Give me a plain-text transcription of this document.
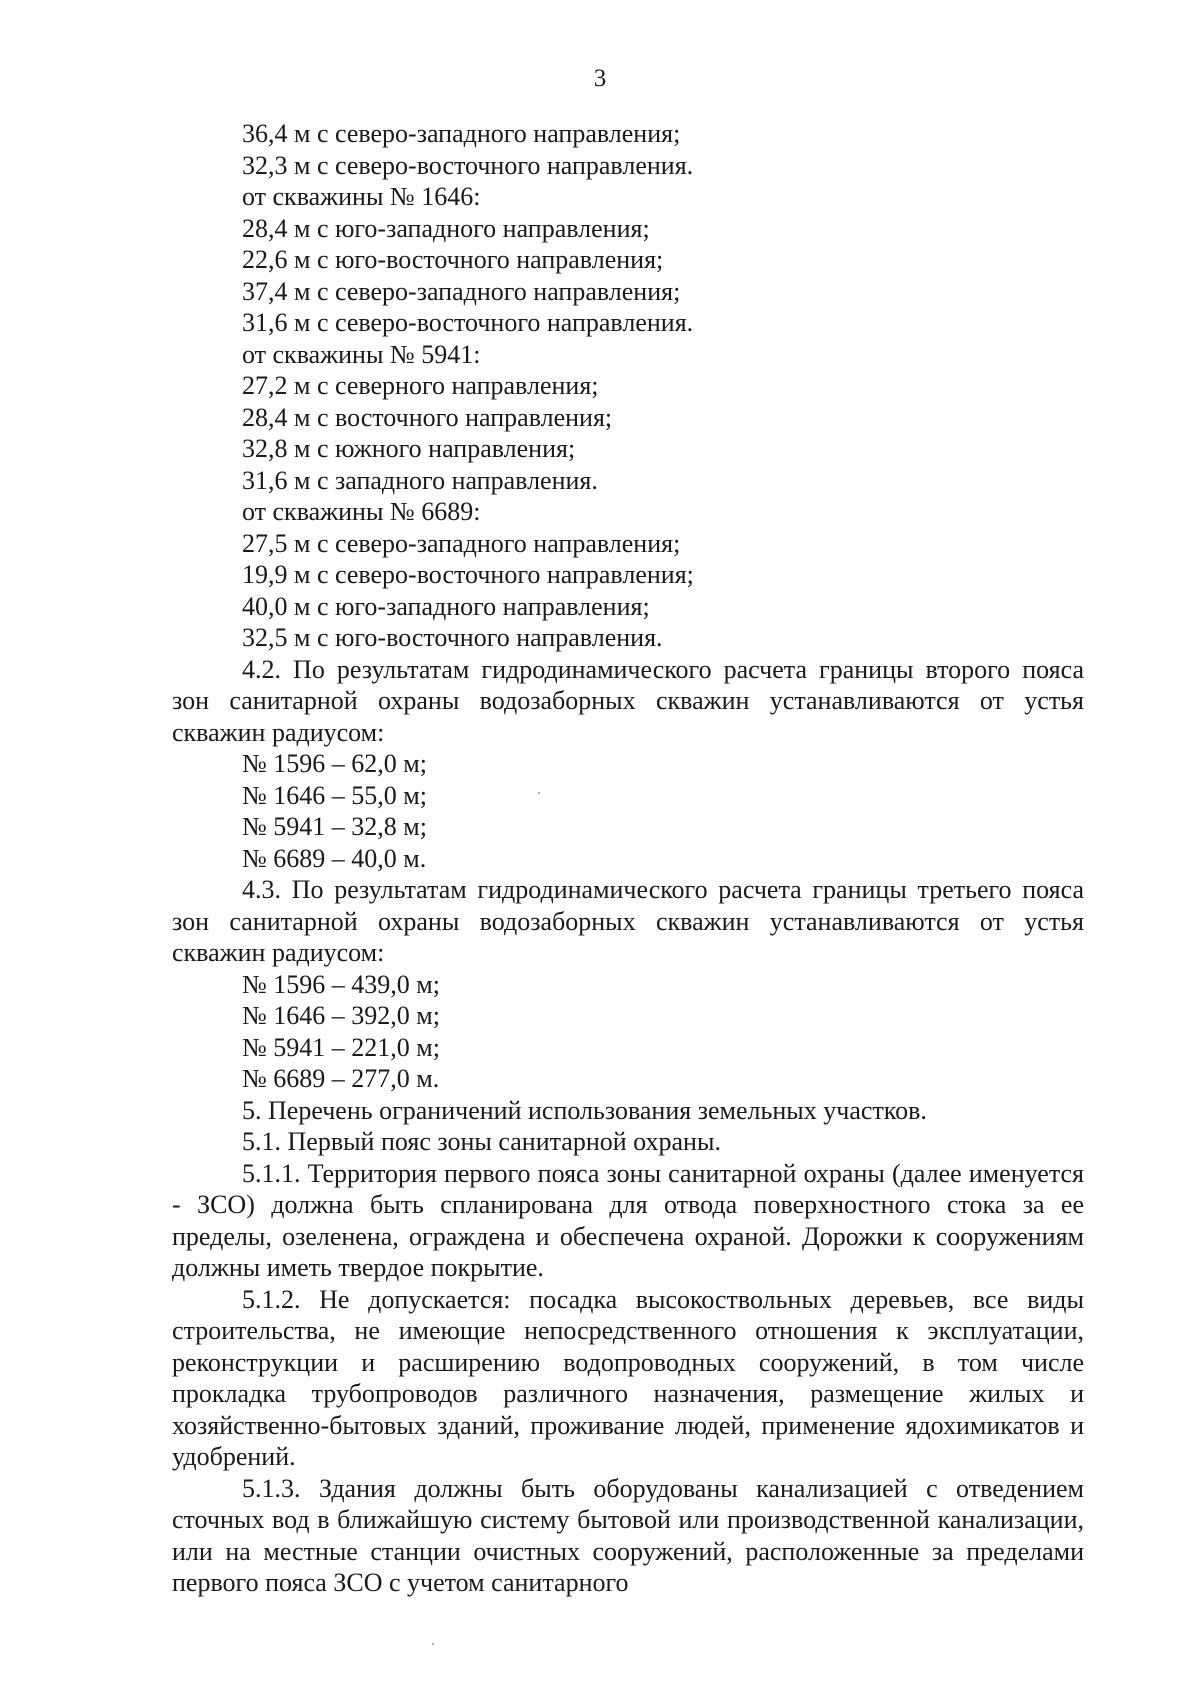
3

36,4 м с северо-западного направления;

32,3 м с северо-восточного направления.

от скважины № 1646:

28,4 м с юго-западного направления;

22,6 м с юго-восточного направления;

37,4 м с северо-западного направления;

31,6 м с северо-восточного направления.

от скважины № 5941:

27,2 м с северного направления;

28,4 м с восточного направления;

32,8 м с южного направления;

31,6 м с западного направления.

от скважины № 6689:

27,5 м с северо-западного направления;

19,9 м с северо-восточного направления;

40,0 м с юго-западного направления;

32,5 м с юго-восточного направления.

4.2. По результатам гидродинамического расчета границы второго пояса зон санитарной охраны водозаборных скважин устанавливаются от устья скважин радиусом:

№ 1596 – 62,0 м;

№ 1646 – 55,0 м;

№ 5941 – 32,8 м;

№ 6689 – 40,0 м.

4.3. По результатам гидродинамического расчета границы третьего пояса зон санитарной охраны водозаборных скважин устанавливаются от устья скважин радиусом:

№ 1596 – 439,0 м;

№ 1646 – 392,0 м;

№ 5941 – 221,0 м;

№ 6689 – 277,0 м.

5. Перечень ограничений использования земельных участков.

5.1. Первый пояс зоны санитарной охраны.

5.1.1. Территория первого пояса зоны санитарной охраны (далее именуется - ЗСО) должна быть спланирована для отвода поверхностного стока за ее пределы, озеленена, ограждена и обеспечена охраной. Дорожки к сооружениям должны иметь твердое покрытие.

5.1.2. Не допускается: посадка высокоствольных деревьев, все виды строительства, не имеющие непосредственного отношения к эксплуатации, реконструкции и расширению водопроводных сооружений, в том числе прокладка трубопроводов различного назначения, размещение жилых и хозяйственно-бытовых зданий, проживание людей, применение ядохимикатов и удобрений.

5.1.3. Здания должны быть оборудованы канализацией с отведением сточных вод в ближайшую систему бытовой или производственной канализации, или на местные станции очистных сооружений, расположенные за пределами первого пояса ЗСО с учетом санитарного
